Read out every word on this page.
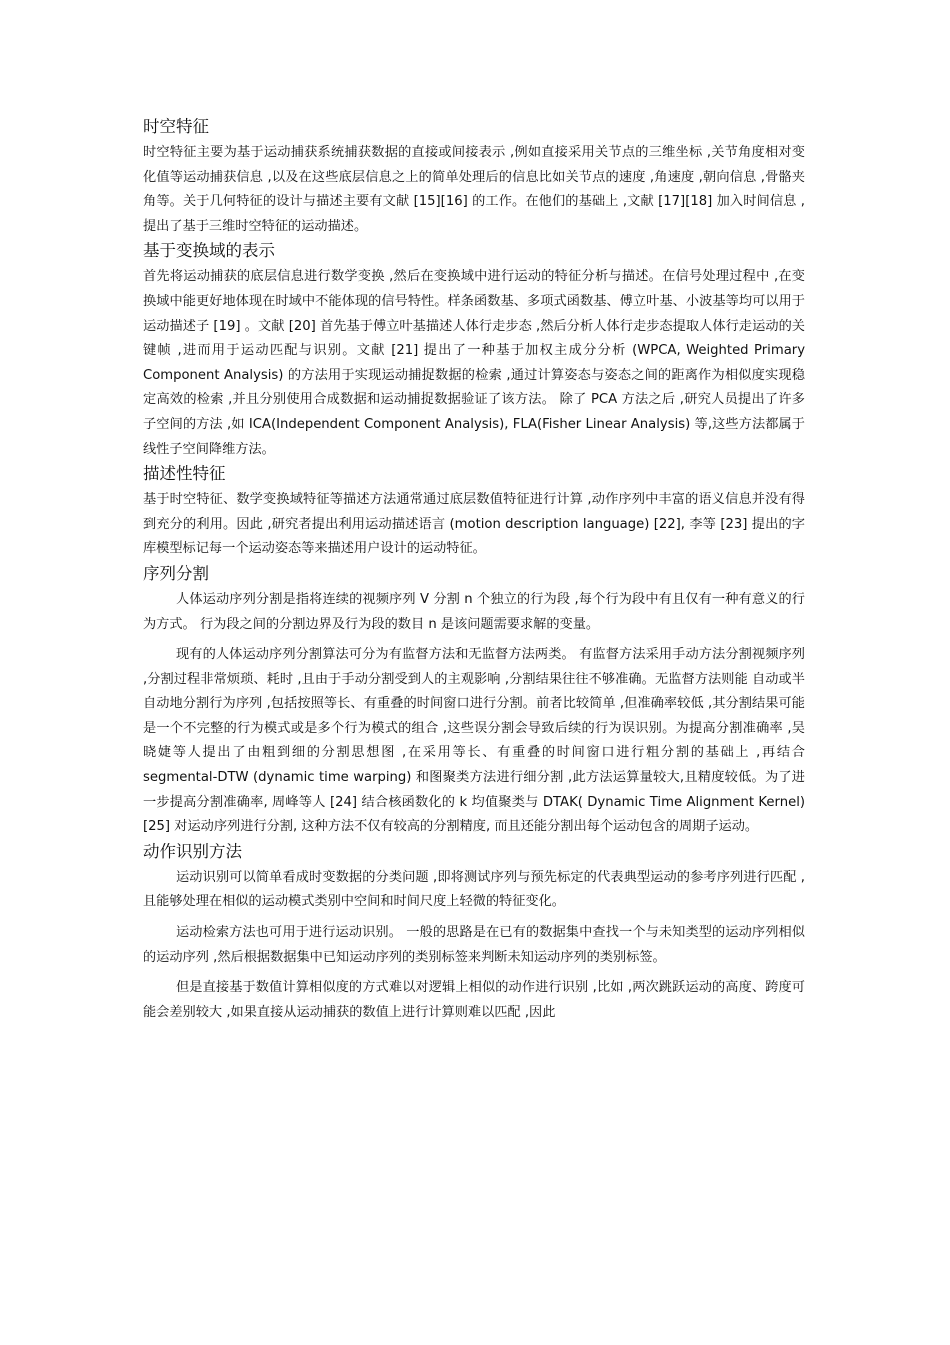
时空特征

时空特征主要为基于运动捕获系统捕获数据的直接或间接表示 ,例如直接采用关节点的三维坐标 ,关节角度相对变化值等运动捕获信息 ,以及在这些底层信息之上的简单处理后的信息比如关节点的速度 ,角速度 ,朝向信息 ,骨骼夹角等。关于几何特征的设计与描述主要有文献 [15][16] 的工作。在他们的基础上 ,文献 [17][18] 加入时间信息 ,提出了基于三维时空特征的运动描述。

基于变换域的表示

首先将运动捕获的底层信息进行数学变换 ,然后在变换域中进行运动的特征分析与描述。在信号处理过程中 ,在变换域中能更好地体现在时域中不能体现的信号特性。样条函数基、多项式函数基、傅立叶基、小波基等均可以用于运动描述子 [19] 。文献 [20] 首先基于傅立叶基描述人体行走步态 ,然后分析人体行走步态提取人体行走运动的关键帧 ,进而用于运动匹配与识别。文献 [21] 提出了一种基于加权主成分分析 (WPCA, Weighted Primary Component Analysis) 的方法用于实现运动捕捉数据的检索 ,通过计算姿态与姿态之间的距离作为相似度实现稳定高效的检索 ,并且分别使用合成数据和运动捕捉数据验证了该方法。 除了 PCA 方法之后 ,研究人员提出了许多子空间的方法 ,如 ICA(Independent Component Analysis), FLA(Fisher Linear Analysis) 等,这些方法都属于线性子空间降维方法。

描述性特征

基于时空特征、数学变换域特征等描述方法通常通过底层数值特征进行计算 ,动作序列中丰富的语义信息并没有得到充分的利用。因此 ,研究者提出利用运动描述语言 (motion description language) [22], 李等 [23] 提出的字库模型标记每一个运动姿态等来描述用户设计的运动特征。

序列分割

人体运动序列分割是指将连续的视频序列 V 分割 n 个独立的行为段 ,每个行为段中有且仅有一种有意义的行为方式。 行为段之间的分割边界及行为段的数目 n 是该问题需要求解的变量。

现有的人体运动序列分割算法可分为有监督方法和无监督方法两类。 有监督方法采用手动方法分割视频序列 ,分割过程非常烦琐、耗时 ,且由于手动分割受到人的主观影响 ,分割结果往往不够准确。无监督方法则能 自动或半自动地分割行为序列 ,包括按照等长、有重叠的时间窗口进行分割。前者比较简单 ,但准确率较低 ,其分割结果可能是一个不完整的行为模式或是多个行为模式的组合 ,这些误分割会导致后续的行为误识别。为提高分割准确率 ,吴晓婕等人提出了由粗到细的分割思想图 ,在采用等长、有重叠的时间窗口进行粗分割的基础上 ,再结合 segmental-DTW (dynamic time warping) 和图聚类方法进行细分割 ,此方法运算量较大,且精度较低。为了进一步提高分割准确率, 周峰等人 [24] 结合核函数化的 k 均值聚类与 DTAK( Dynamic Time Alignment Kernel)[25] 对运动序列进行分割, 这种方法不仅有较高的分割精度, 而且还能分割出每个运动包含的周期子运动。

动作识别方法

运动识别可以简单看成时变数据的分类问题 ,即将测试序列与预先标定的代表典型运动的参考序列进行匹配 ,且能够处理在相似的运动模式类别中空间和时间尺度上轻微的特征变化。

运动检索方法也可用于进行运动识别。 一般的思路是在已有的数据集中查找一个与未知类型的运动序列相似的运动序列 ,然后根据数据集中已知运动序列的类别标签来判断未知运动序列的类别标签。

但是直接基于数值计算相似度的方式难以对逻辑上相似的动作进行识别 ,比如 ,两次跳跃运动的高度、跨度可能会差别较大 ,如果直接从运动捕获的数值上进行计算则难以匹配 ,因此
